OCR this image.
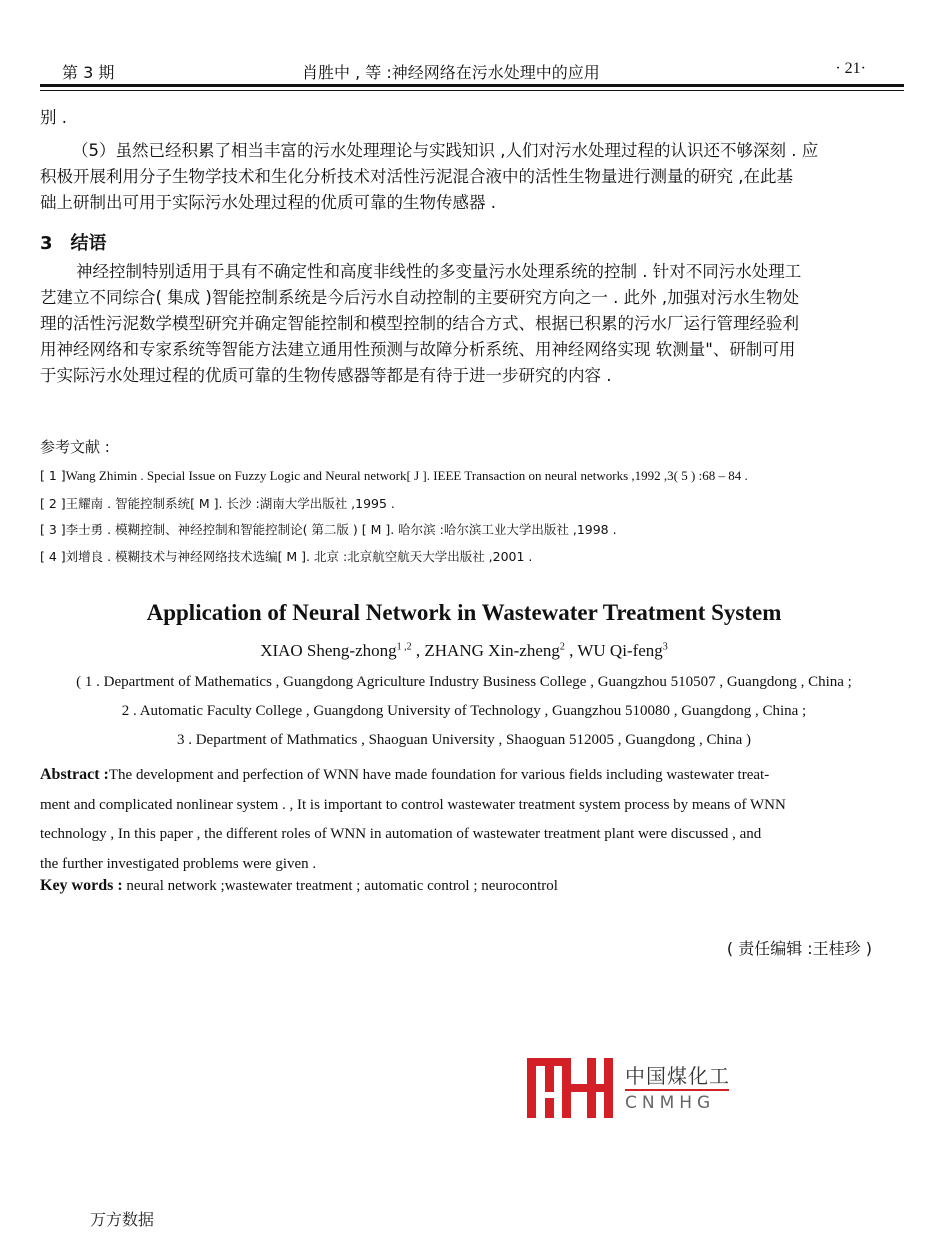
第 3 期	肖胜中 , 等 :神经网络在污水处理中的应用	· 21·
别 .
（5）虽然已经积累了相当丰富的污水处理理论与实践知识 ,人们对污水处理过程的认识还不够深刻 . 应
积极开展利用分子生物学技术和生化分析技术对活性污泥混合液中的活性生物量进行测量的研究 ,在此基
础上研制出可用于实际污水处理过程的优质可靠的生物传感器 .
3 结语
神经控制特别适用于具有不确定性和高度非线性的多变量污水处理系统的控制 . 针对不同污水处理工
艺建立不同综合( 集成 )智能控制系统是今后污水自动控制的主要研究方向之一 . 此外 ,加强对污水生物处
理的活性污泥数学模型研究并确定智能控制和模型控制的结合方式、根据已积累的污水厂运行管理经验利
用神经网络和专家系统等智能方法建立通用性预测与故障分析系统、用神经网络实现 软测量"、研制可用
于实际污水处理过程的优质可靠的生物传感器等都是有待于进一步研究的内容 .
参考文献 :
[ 1 ]Wang Zhimin . Special Issue on Fuzzy Logic and Neural network[ J ]. IEEE Transaction on neural networks ,1992 ,3( 5 ) :68 – 84 .
[ 2 ]王耀南 . 智能控制系统[ M ]. 长沙 :湖南大学出版社 ,1995 .
[ 3 ]李士勇 . 模糊控制、神经控制和智能控制论( 第二版 ) [ M ]. 哈尔滨 :哈尔滨工业大学出版社 ,1998 .
[ 4 ]刘增良 . 模糊技术与神经网络技术选编[ M ]. 北京 :北京航空航天大学出版社 ,2001 .
Application of Neural Network in Wastewater Treatment System
XIAO Sheng-zhong$^{1 ,2}$ , ZHANG Xin-zheng$^2$ , WU Qi-feng$^3$
( 1 . Department of Mathematics , Guangdong Agriculture Industry Business College , Guangzhou 510507 , Guangdong , China ;
2 . Automatic Faculty College , Guangdong University of Technology , Guangzhou 510080 , Guangdong , China ;
3 . Department of Mathmatics , Shaoguan University , Shaoguan 512005 , Guangdong , China )
Abstract :The development and perfection of WNN have made foundation for various fields including wastewater treat-
ment and complicated nonlinear system . , It is important to control wastewater treatment system process by means of WNN
technology , In this paper , the different roles of WNN in automation of wastewater treatment plant were discussed , and
the further investigated problems were given .
Key words : neural network ;wastewater treatment ; automatic control ; neurocontrol
( 责任编辑 :王桂珍 )
中国煤化工
CNMHG
万方数据
